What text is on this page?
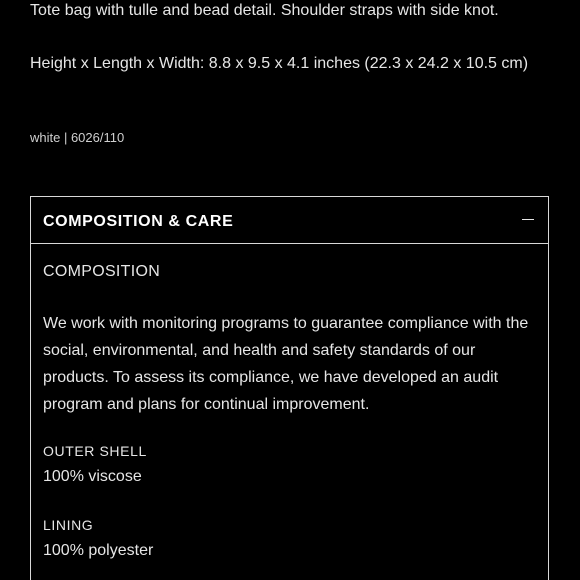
Tote bag with tulle and bead detail. Shoulder straps with side knot.

Height x Length x Width: 8.8 x 9.5 x 4.1 inches (22.3 x 24.2 x 10.5 cm)

white | 6026/110

COMPOSITION & CARE
COMPOSITION

We work with monitoring programs to guarantee compliance with the social, environmental, and health and safety standards of our products. To assess its compliance, we have developed an audit program and plans for continual improvement.

OUTER SHELL
100% viscose
LINING
100% polyester
